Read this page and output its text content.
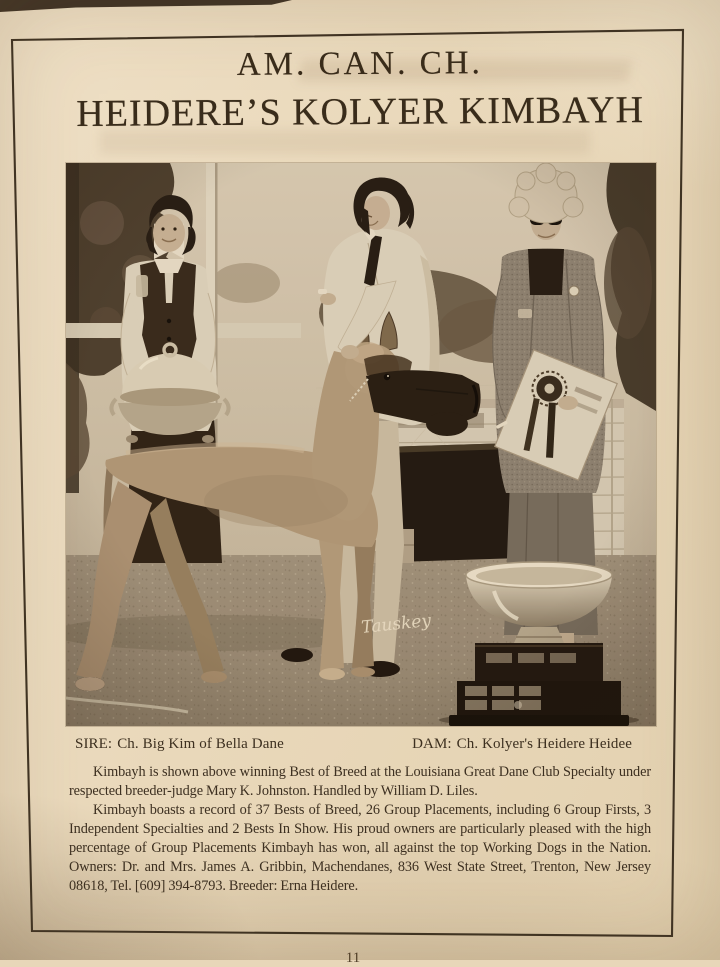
AM. CAN. CH.
HEIDERE’S KOLYER KIMBAYH
SIRE: Ch. Big Kim of Bella Dane	DAM: Ch. Kolyer's Heidere Heidee

Kimbayh is shown above winning Best of Breed at the Louisiana Great Dane Club Specialty under respected breeder-judge Mary K. Johnston. Handled by William D. Liles.

Kimbayh boasts a record of 37 Bests of Breed, 26 Group Placements, including 6 Group Firsts, 3 Independent Specialties and 2 Bests In Show. His proud owners are particularly pleased with the high percentage of Group Placements Kimbayh has won, all against the top Working Dogs in the Nation. Owners: Dr. and Mrs. James A. Gribbin, Machendanes, 836 West State Street, Trenton, New Jersey 08618, Tel. [609] 394-8793. Breeder: Erna Heidere.

11
